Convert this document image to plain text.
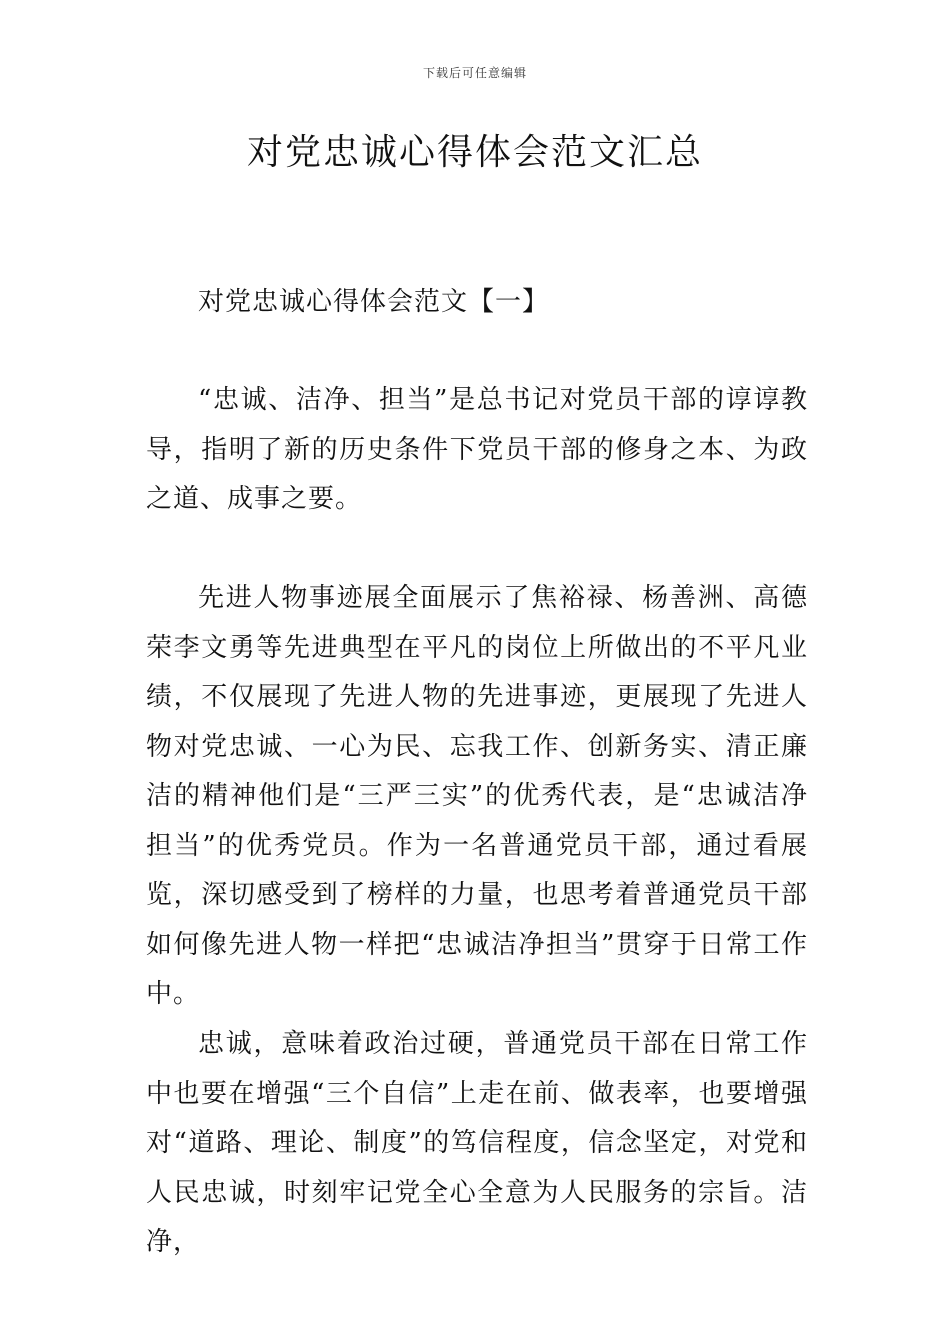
下载后可任意编辑
对党忠诚心得体会范文汇总

对党忠诚心得体会范文【一】

“忠诚、洁净、担当”是总书记对党员干部的谆谆教导，指明了新的历史条件下党员干部的修身之本、为政之道、成事之要。

先进人物事迹展全面展示了焦裕禄、杨善洲、高德荣李文勇等先进典型在平凡的岗位上所做出的不平凡业绩，不仅展现了先进人物的先进事迹，更展现了先进人物对党忠诚、一心为民、忘我工作、创新务实、清正廉洁的精神他们是“三严三实”的优秀代表，是“忠诚洁净担当”的优秀党员。作为一名普通党员干部，通过看展览，深切感受到了榜样的力量，也思考着普通党员干部如何像先进人物一样把“忠诚洁净担当”贯穿于日常工作中。

忠诚，意味着政治过硬，普通党员干部在日常工作中也要在增强“三个自信”上走在前、做表率，也要增强对“道路、理论、制度”的笃信程度，信念坚定，对党和人民忠诚，时刻牢记党全心全意为人民服务的宗旨。洁净，
